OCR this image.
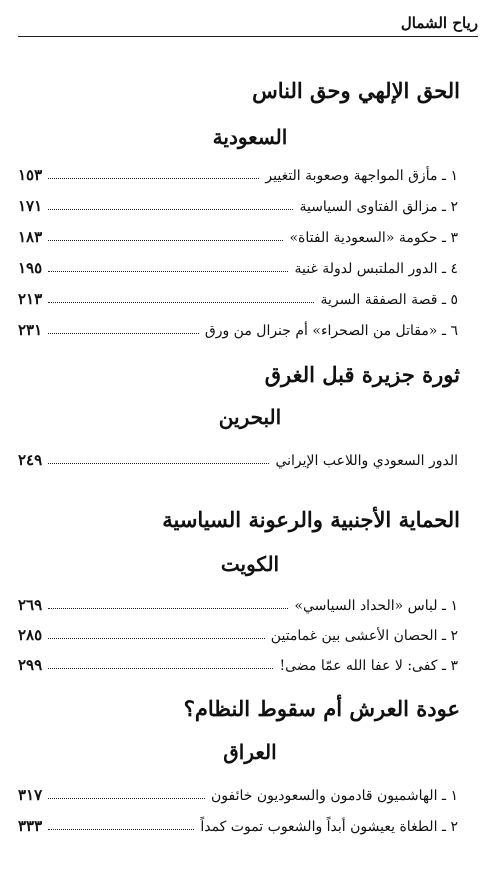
رياح الشمال
الحق الإلهي وحق الناس
السعودية
١ ـ مأزق المواجهة وصعوبة التغيير
١٥٣
٢ ـ مزالق الفتاوى السياسية
١٧١
٣ ـ حكومة «السعودية الفتاة»
١٨٣
٤ ـ الدور الملتبس لدولة غنية
١٩٥
٥ ـ قصة الصفقة السرية
٢١٣
٦ ـ «مقاتل من الصحراء» أم جنرال من ورق
٢٣١
ثورة جزيرة قبل الغرق
البحرين
الدور السعودي واللاعب الإيراني
٢٤٩
الحماية الأجنبية والرعونة السياسية
الكويت
١ ـ لباس «الحداد السياسي»
٢٦٩
٢ ـ الحصان الأعشى بين غمامتين
٢٨٥
٣ ـ كفى: لا عفا الله عمّا مضى!
٢٩٩
عودة العرش أم سقوط النظام؟
العراق
١ ـ الهاشميون قادمون والسعوديون خائفون
٣١٧
٢ ـ الطغاة يعيشون أبداً والشعوب تموت كمداً
٣٣٣
